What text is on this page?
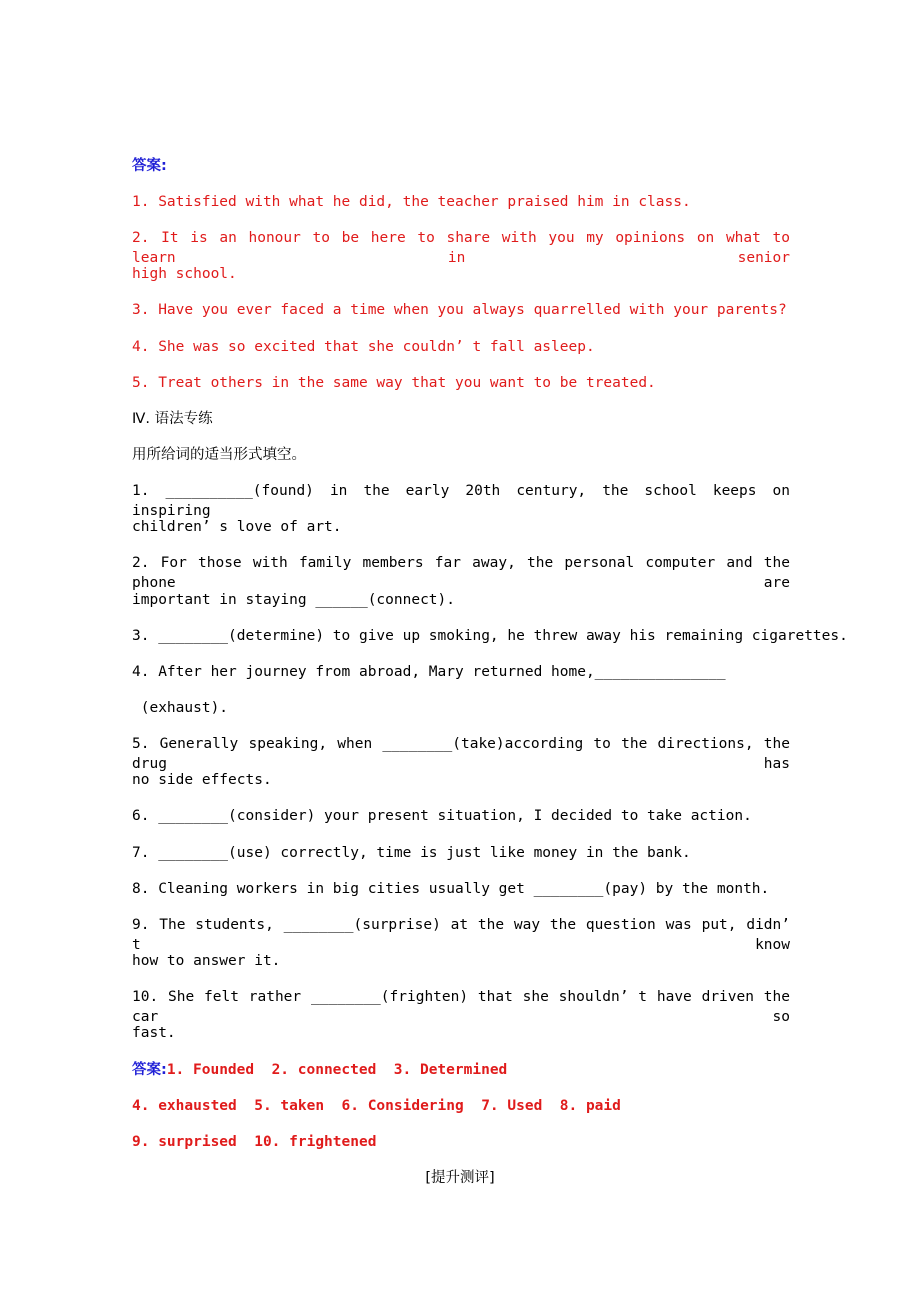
答案:
1. Satisfied with what he did, the teacher praised him in class.
2. It is an honour to be here to share with you my opinions on what to learn in senior
high school.
3. Have you ever faced a time when you always quarrelled with your parents?
4. She was so excited that she couldn’ t fall asleep.
5. Treat others in the same way that you want to be treated.
Ⅳ. 语法专练
用所给词的适当形式填空。
1. __________(found) in the early 20th century, the school keeps on inspiring
children’ s love of art.
2. For those with family members far away, the personal computer and the phone are
important in staying ______(connect).
3. ________(determine) to give up smoking, he threw away his remaining cigarettes.
4. After her journey from abroad, Mary returned home,_______________
(exhaust).
5. Generally speaking, when ________(take)according to the directions, the drug has
no side effects.
6. ________(consider) your present situation, I decided to take action.
7. ________(use) correctly, time is just like money in the bank.
8. Cleaning workers in big cities usually get ________(pay) by the month.
9. The students, ________(surprise) at the way the question was put, didn’ t know
how to answer it.
10. She felt rather ________(frighten) that she shouldn’ t have driven the car so
fast.
答案:1. Founded  2. connected  3. Determined
4. exhausted  5. taken  6. Considering  7. Used  8. paid
9. surprised  10. frightened
[提升测评]
